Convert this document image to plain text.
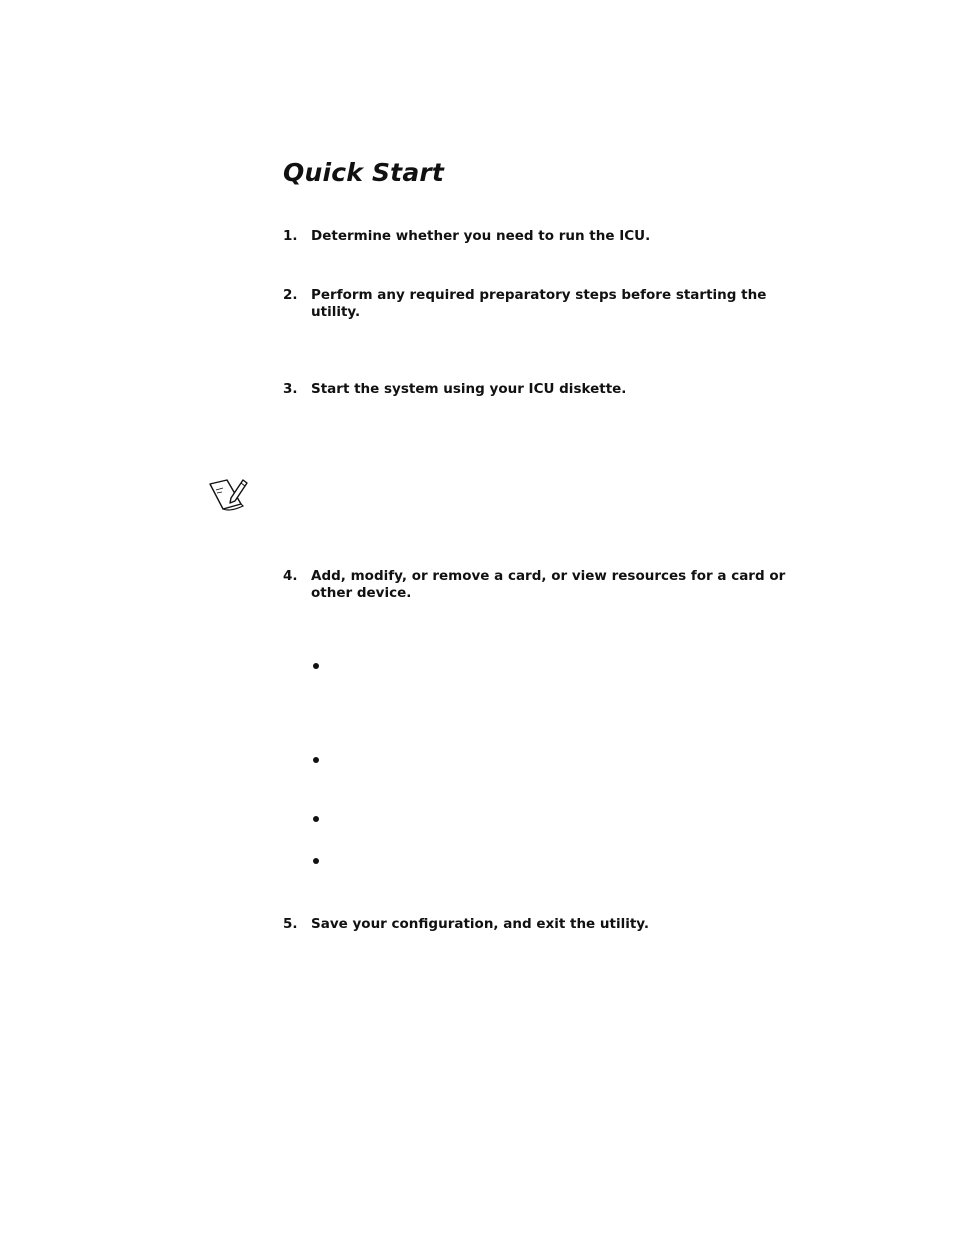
Quick Start
1. Determine whether you need to run the ICU.
2. Perform any required preparatory steps before starting the utility.
3. Start the system using your ICU diskette.
4. Add, modify, or remove a card, or view resources for a card or other device.
5. Save your configuration, and exit the utility.
